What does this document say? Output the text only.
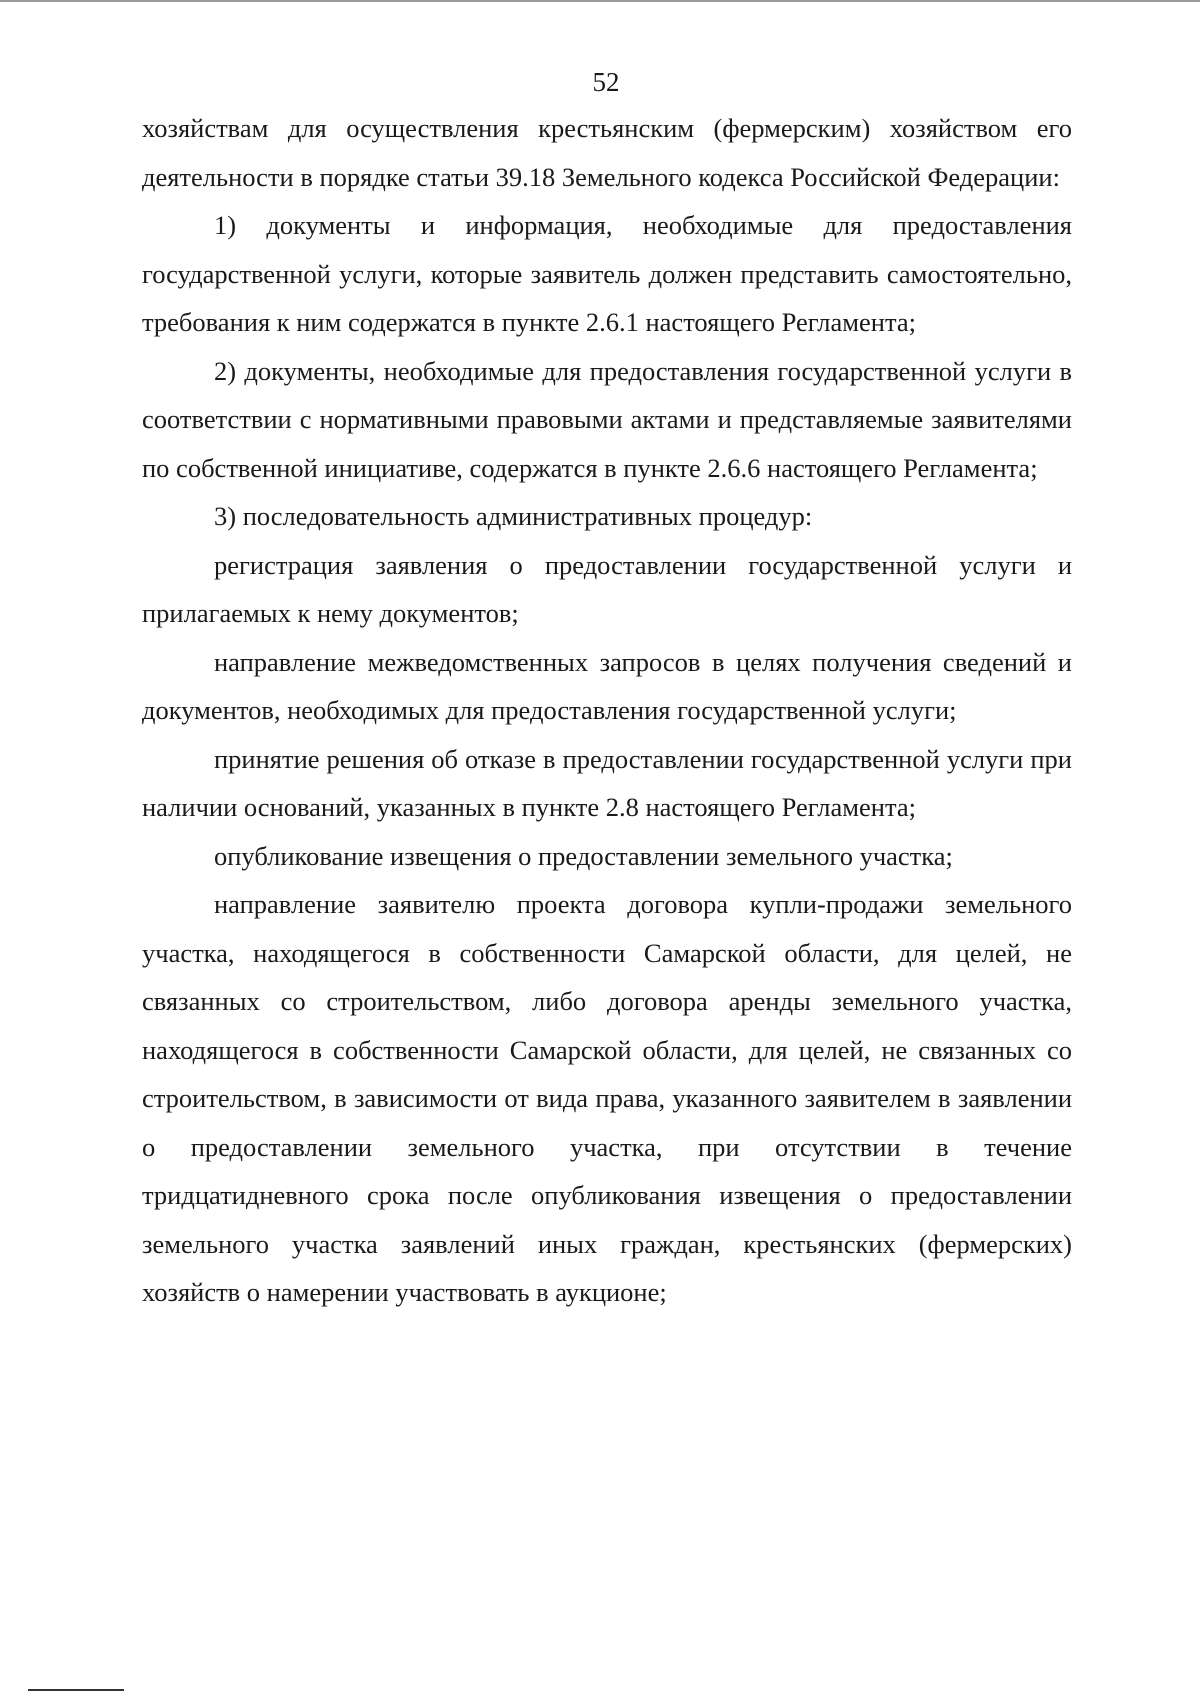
52

хозяйствам для осуществления крестьянским (фермерским) хозяйством его деятельности в порядке статьи 39.18 Земельного кодекса Российской Федерации:

1) документы и информация, необходимые для предоставления государственной услуги, которые заявитель должен представить самостоятельно, требования к ним содержатся в пункте 2.6.1 настоящего Регламента;

2) документы, необходимые для предоставления государственной услуги в соответствии с нормативными правовыми актами и представляемые заявителями по собственной инициативе, содержатся в пункте 2.6.6 настоящего Регламента;

3) последовательность административных процедур:

регистрация заявления о предоставлении государственной услуги и прилагаемых к нему документов;

направление межведомственных запросов в целях получения сведений и документов, необходимых для предоставления государственной услуги;

принятие решения об отказе в предоставлении государственной услуги при наличии оснований, указанных в пункте 2.8 настоящего Регламента;

опубликование извещения о предоставлении земельного участка;

направление заявителю проекта договора купли-продажи земельного участка, находящегося в собственности Самарской области, для целей, не связанных со строительством, либо договора аренды земельного участка, находящегося в собственности Самарской области, для целей, не связанных со строительством, в зависимости от вида права, указанного заявителем в заявлении о предоставлении земельного участка, при отсутствии в течение тридцатидневного срока после опубликования извещения о предоставлении земельного участка заявлений иных граждан, крестьянских (фермерских) хозяйств о намерении участвовать в аукционе;
